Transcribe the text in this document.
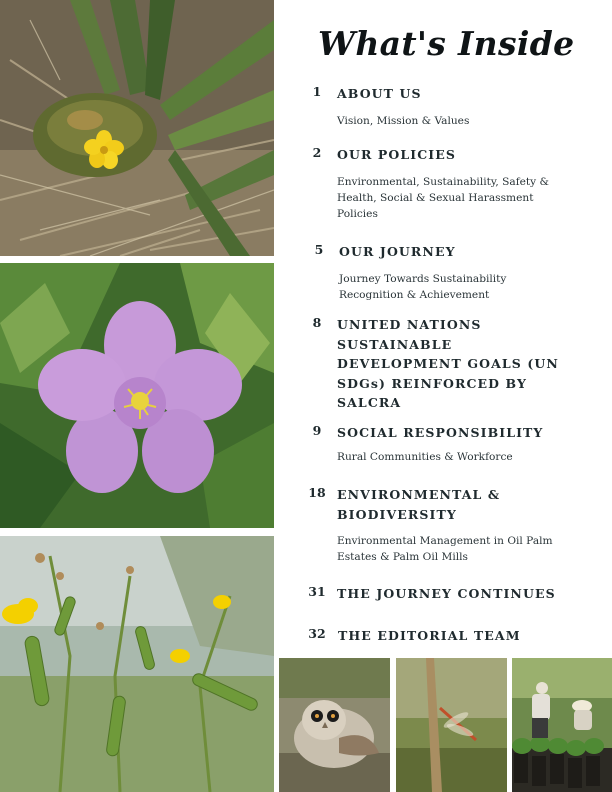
What's Inside
1	ABOUT US
Vision, Mission & Values
2	OUR POLICIES
Environmental, Sustainability, Safety & Health, Social & Sexual Harassment Policies
5	OUR JOURNEY
Journey Towards Sustainability Recognition & Achievement
8	UNITED NATIONS SUSTAINABLE DEVELOPMENT GOALS (UN SDGs) REINFORCED BY SALCRA
9	SOCIAL RESPONSIBILITY
Rural Communities & Workforce
18 ENVIRONMENTAL & BIODIVERSITY
Environmental Management in Oil Palm Estates & Palm Oil Mills
31 THE JOURNEY CONTINUES
32 THE EDITORIAL TEAM
